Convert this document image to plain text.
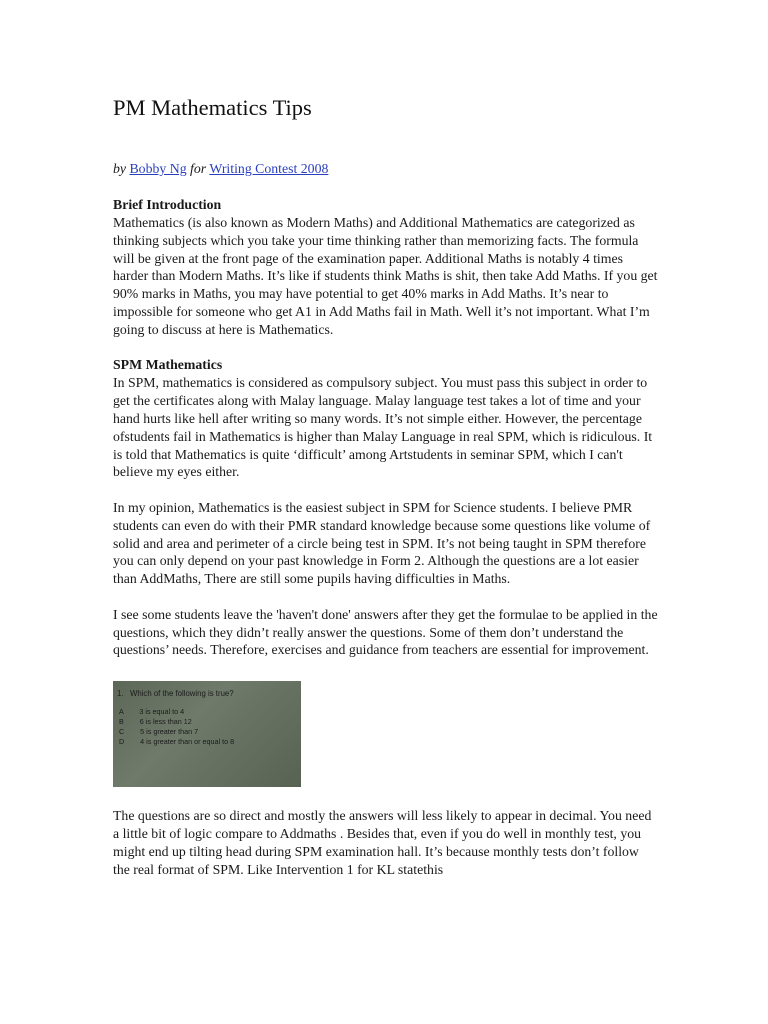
PM Mathematics Tips
by Bobby Ng for Writing Contest 2008
Brief Introduction

Mathematics (is also known as Modern Maths) and Additional Mathematics are categorized as thinking subjects which you take your time thinking rather than memorizing facts. The formula will be given at the front page of the examination paper. Additional Maths is notably 4 times harder than Modern Maths. It’s like if students think Maths is shit, then take Add Maths. If you get 90% marks in Maths, you may have potential to get 40% marks in Add Maths. It’s near to impossible for someone who get A1 in Add Maths fail in Math. Well it’s not important. What I’m going to discuss at here is Mathematics.

SPM Mathematics

In SPM, mathematics is considered as compulsory subject. You must pass this subject in order to get the certificates along with Malay language. Malay language test takes a lot of time and your hand hurts like hell after writing so many words. It’s not simple either. However, the percentage ofstudents fail in Mathematics is higher than Malay Language in real SPM, which is ridiculous. It is told that Mathematics is quite ‘difficult’ among Artstudents in seminar SPM, which I can't believe my eyes either.

In my opinion, Mathematics is the easiest subject in SPM for Science students. I believe PMR students can even do with their PMR standard knowledge because some questions like volume of solid and area and perimeter of a circle being test in SPM. It’s not being taught in SPM therefore you can only depend on your past knowledge in Form 2. Although the questions are a lot easier than AddMaths, There are still some pupils having difficulties in Maths.

I see some students leave the 'haven't done' answers after they get the formulae to be applied in the questions, which they didn’t really answer the questions. Some of them don’t understand the questions’ needs. Therefore, exercises and guidance from teachers are essential for improvement.

1.   Which of the following is true?
A        3 is equal to 4
B        6 is less than 12
C        5 is greater than 7
D        4 is greater than or equal to 8

The questions are so direct and mostly the answers will less likely to appear in decimal. You need a little bit of logic compare to Addmaths . Besides that, even if you do well in monthly test, you might end up tilting head during SPM examination hall. It’s because monthly tests don’t follow the real format of SPM. Like Intervention 1 for KL statethis
